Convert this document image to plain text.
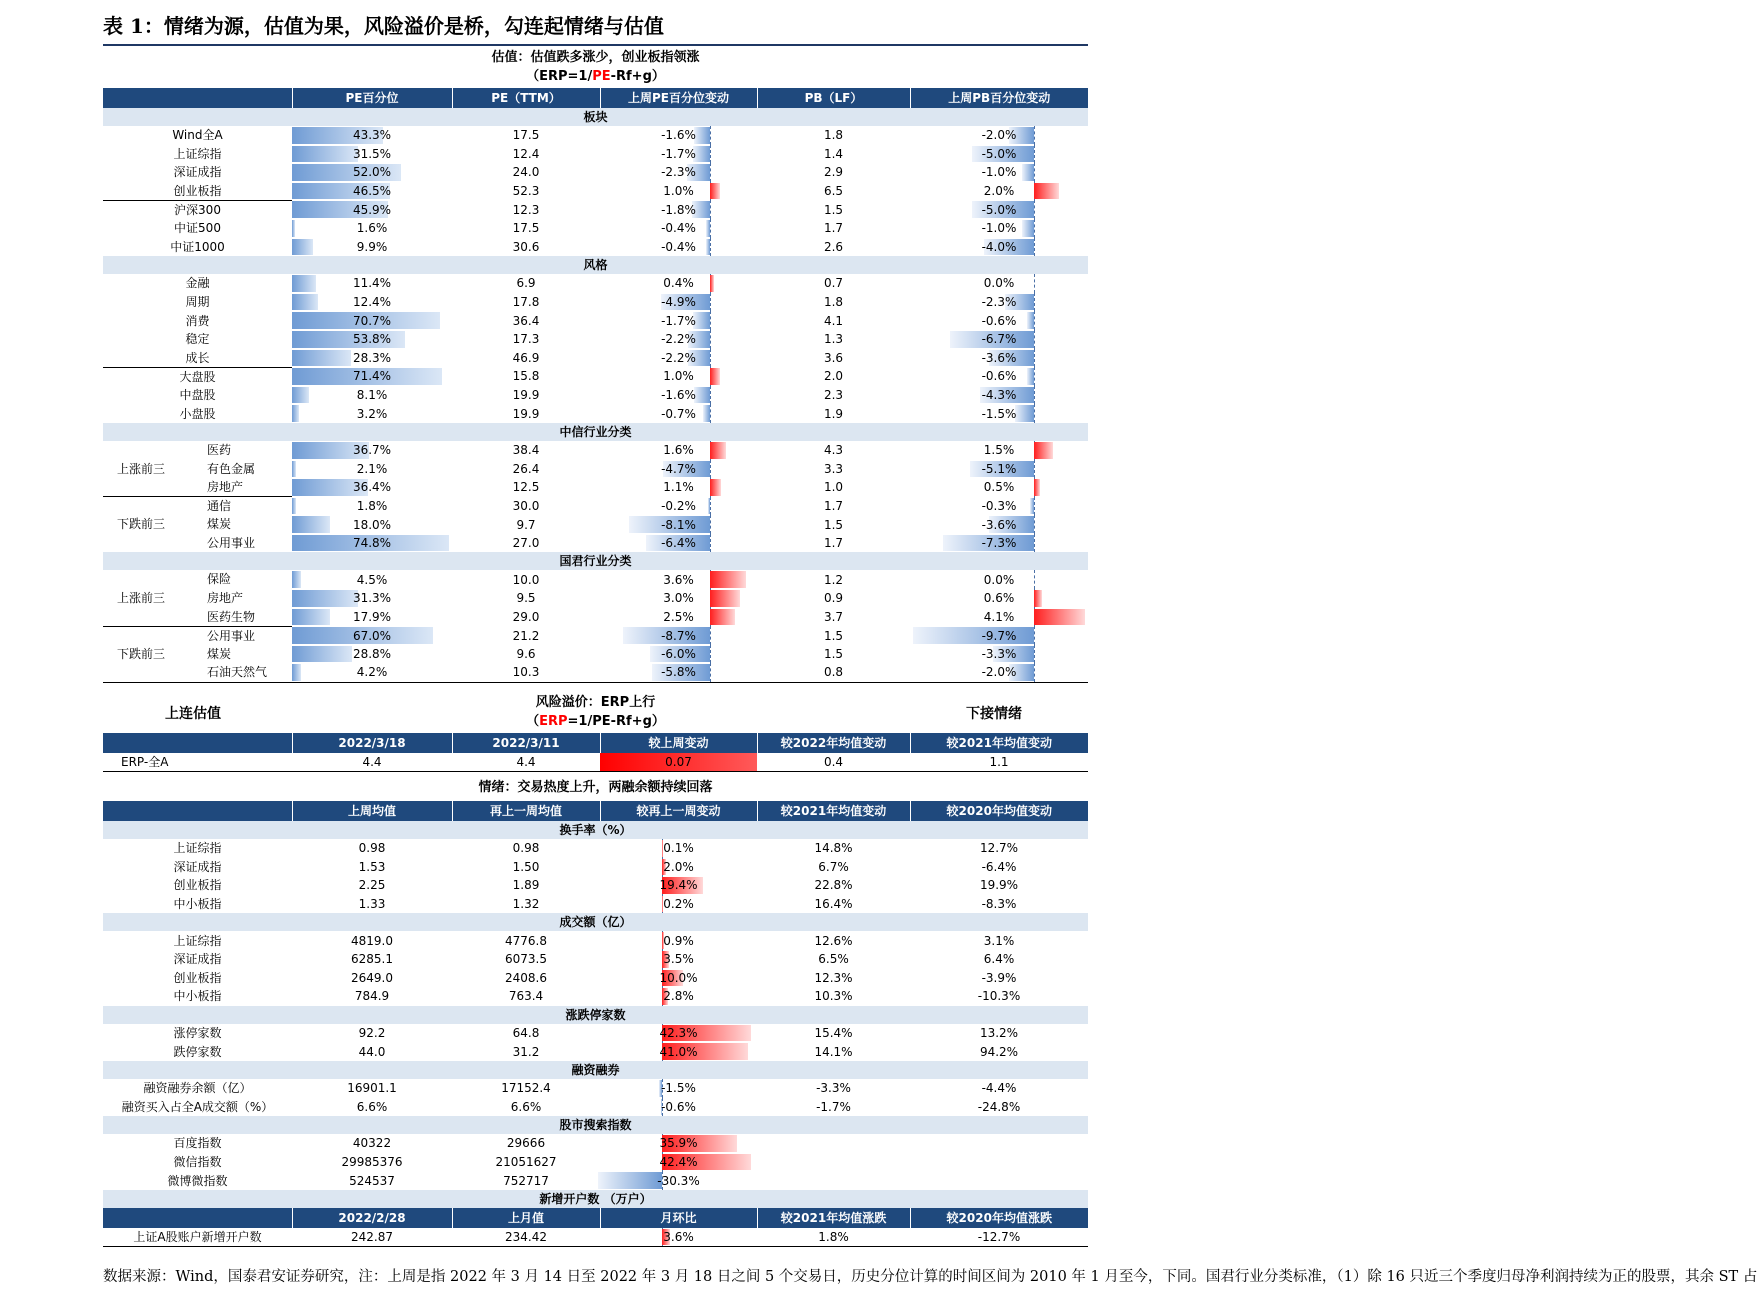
表 1：情绪为源，估值为果，风险溢价是桥，勾连起情绪与估值
估值：估值跌多涨少，创业板指领涨
（ERP=1/PE-Rf+g）
	PE百分位	PE（TTM）	上周PE百分位变动	PB（LF）	上周PB百分位变动
板块					
Wind全A	43.3%	17.5	-1.6%	1.8	-2.0%
上证综指	31.5%	12.4	-1.7%	1.4	-5.0%
深证成指	52.0%	24.0	-2.3%	2.9	-1.0%
创业板指	46.5%	52.3	1.0%	6.5	2.0%
沪深300	45.9%	12.3	-1.8%	1.5	-5.0%
中证500	1.6%	17.5	-0.4%	1.7	-1.0%
中证1000	9.9%	30.6	-0.4%	2.6	-4.0%
风格					
金融	11.4%	6.9	0.4%	0.7	0.0%
周期	12.4%	17.8	-4.9%	1.8	-2.3%
消费	70.7%	36.4	-1.7%	4.1	-0.6%
稳定	53.8%	17.3	-2.2%	1.3	-6.7%
成长	28.3%	46.9	-2.2%	3.6	-3.6%
大盘股	71.4%	15.8	1.0%	2.0	-0.6%
中盘股	8.1%	19.9	-1.6%	2.3	-4.3%
小盘股	3.2%	19.9	-0.7%	1.9	-1.5%
中信行业分类					

医药	36.7%	38.4	1.6%	4.3	1.5%

上涨前三 有色金属	2.1%	26.4	-4.7%	3.3	-5.1%

房地产	36.4%	12.5	1.1%	1.0	0.5%

通信	1.8%	30.0	-0.2%	1.7	-0.3%

下跌前三 煤炭	18.0%	9.7	-8.1%	1.5	-3.6%

公用事业	74.8%	27.0	-6.4%	1.7	-7.3%
国君行业分类					

保险	4.5%	10.0	3.6%	1.2	0.0%

上涨前三 房地产	31.3%	9.5	3.0%	0.9	0.6%

医药生物	17.9%	29.0	2.5%	3.7	4.1%

公用事业	67.0%	21.2	-8.7%	1.5	-9.7%

下跌前三 煤炭	28.8%	9.6	-6.0%	1.5	-3.3%

石油天然气	4.2%	10.3	-5.8%	0.8	-2.0%
上连估值	下接情绪
风险溢价：ERP上行
（ERP=1/PE-Rf+g）
	2022/3/18	2022/3/11	较上周变动	较2022年均值变动	较2021年均值变动
ERP-全A	4.4	4.4	0.07	0.4	1.1
情绪：交易热度上升，两融余额持续回落
	上周均值	再上一周均值	较再上一周变动	较2021年均值变动	较2020年均值变动
换手率（%）					
上证综指	0.98	0.98	0.1%	14.8%	12.7%
深证成指	1.53	1.50	2.0%	6.7%	-6.4%
创业板指	2.25	1.89	19.4%	22.8%	19.9%
中小板指	1.33	1.32	0.2%	16.4%	-8.3%
成交额（亿）					
上证综指	4819.0	4776.8	0.9%	12.6%	3.1%
深证成指	6285.1	6073.5	3.5%	6.5%	6.4%
创业板指	2649.0	2408.6	10.0%	12.3%	-3.9%
中小板指	784.9	763.4	2.8%	10.3%	-10.3%
涨跌停家数					
涨停家数	92.2	64.8	42.3%	15.4%	13.2%
跌停家数	44.0	31.2	41.0%	14.1%	94.2%
融资融券					
融资融券余额（亿）	16901.1	17152.4	-1.5%	-3.3%	-4.4%
融资买入占全A成交额（%）	6.6%	6.6%	-0.6%	-1.7%	-24.8%
股市搜索指数					
百度指数	40322	29666	35.9%		
微信指数	29985376	21051627	42.4%		
微博微指数	524537	752717	-30.3%		
新增开户数 （万户）					
	2022/2/28	上月值	月环比	较2021年均值涨跌	较2020年均值涨跌
上证A股账户新增开户数	242.87	234.42	3.6%	1.8%	-12.7%
数据来源：Wind，国泰君安证券研究，注：上周是指 2022 年 3 月 14 日至 2022 年 3 月 18 日之间 5 个交易日，历史分位计算的时间区间为 2010 年 1 月至今，下同。国君行业分类标准，（1）除 16 只近三个季度归母净利润持续为正的股票，其余 ST 占
